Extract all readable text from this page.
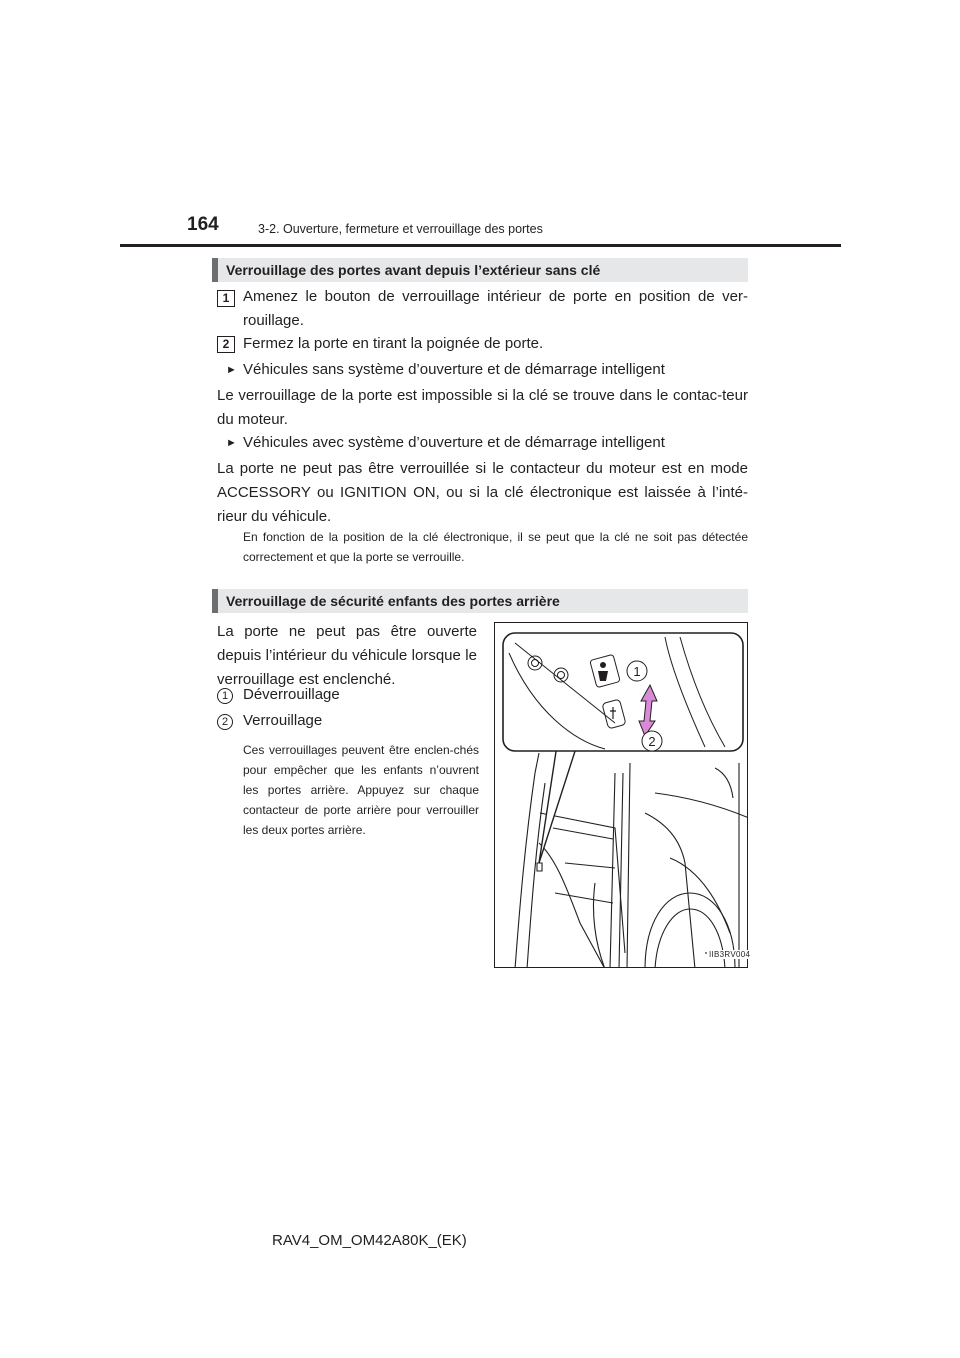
164	3-2. Ouverture, fermeture et verrouillage des portes
Verrouillage des portes avant depuis l’extérieur sans clé
1 Amenez le bouton de verrouillage intérieur de porte en position de ver-rouillage.
2 Fermez la porte en tirant la poignée de porte.
► Véhicules sans système d’ouverture et de démarrage intelligent
Le verrouillage de la porte est impossible si la clé se trouve dans le contac-teur du moteur.
► Véhicules avec système d’ouverture et de démarrage intelligent
La porte ne peut pas être verrouillée si le contacteur du moteur est en mode ACCESSORY ou IGNITION ON, ou si la clé électronique est laissée à l’inté-rieur du véhicule.
En fonction de la position de la clé électronique, il se peut que la clé ne soit pas détectée correctement et que la porte se verrouille.
Verrouillage de sécurité enfants des portes arrière
La porte ne peut pas être ouverte depuis l’intérieur du véhicule lorsque le verrouillage est enclenché.
1 Déverrouillage
2 Verrouillage
Ces verrouillages peuvent être enclen-chés pour empêcher que les enfants n’ouvrent les portes arrière. Appuyez sur chaque contacteur de porte arrière pour verrouiller les deux portes arrière.
1
2
IIB3RV004
RAV4_OM_OM42A80K_(EK)
